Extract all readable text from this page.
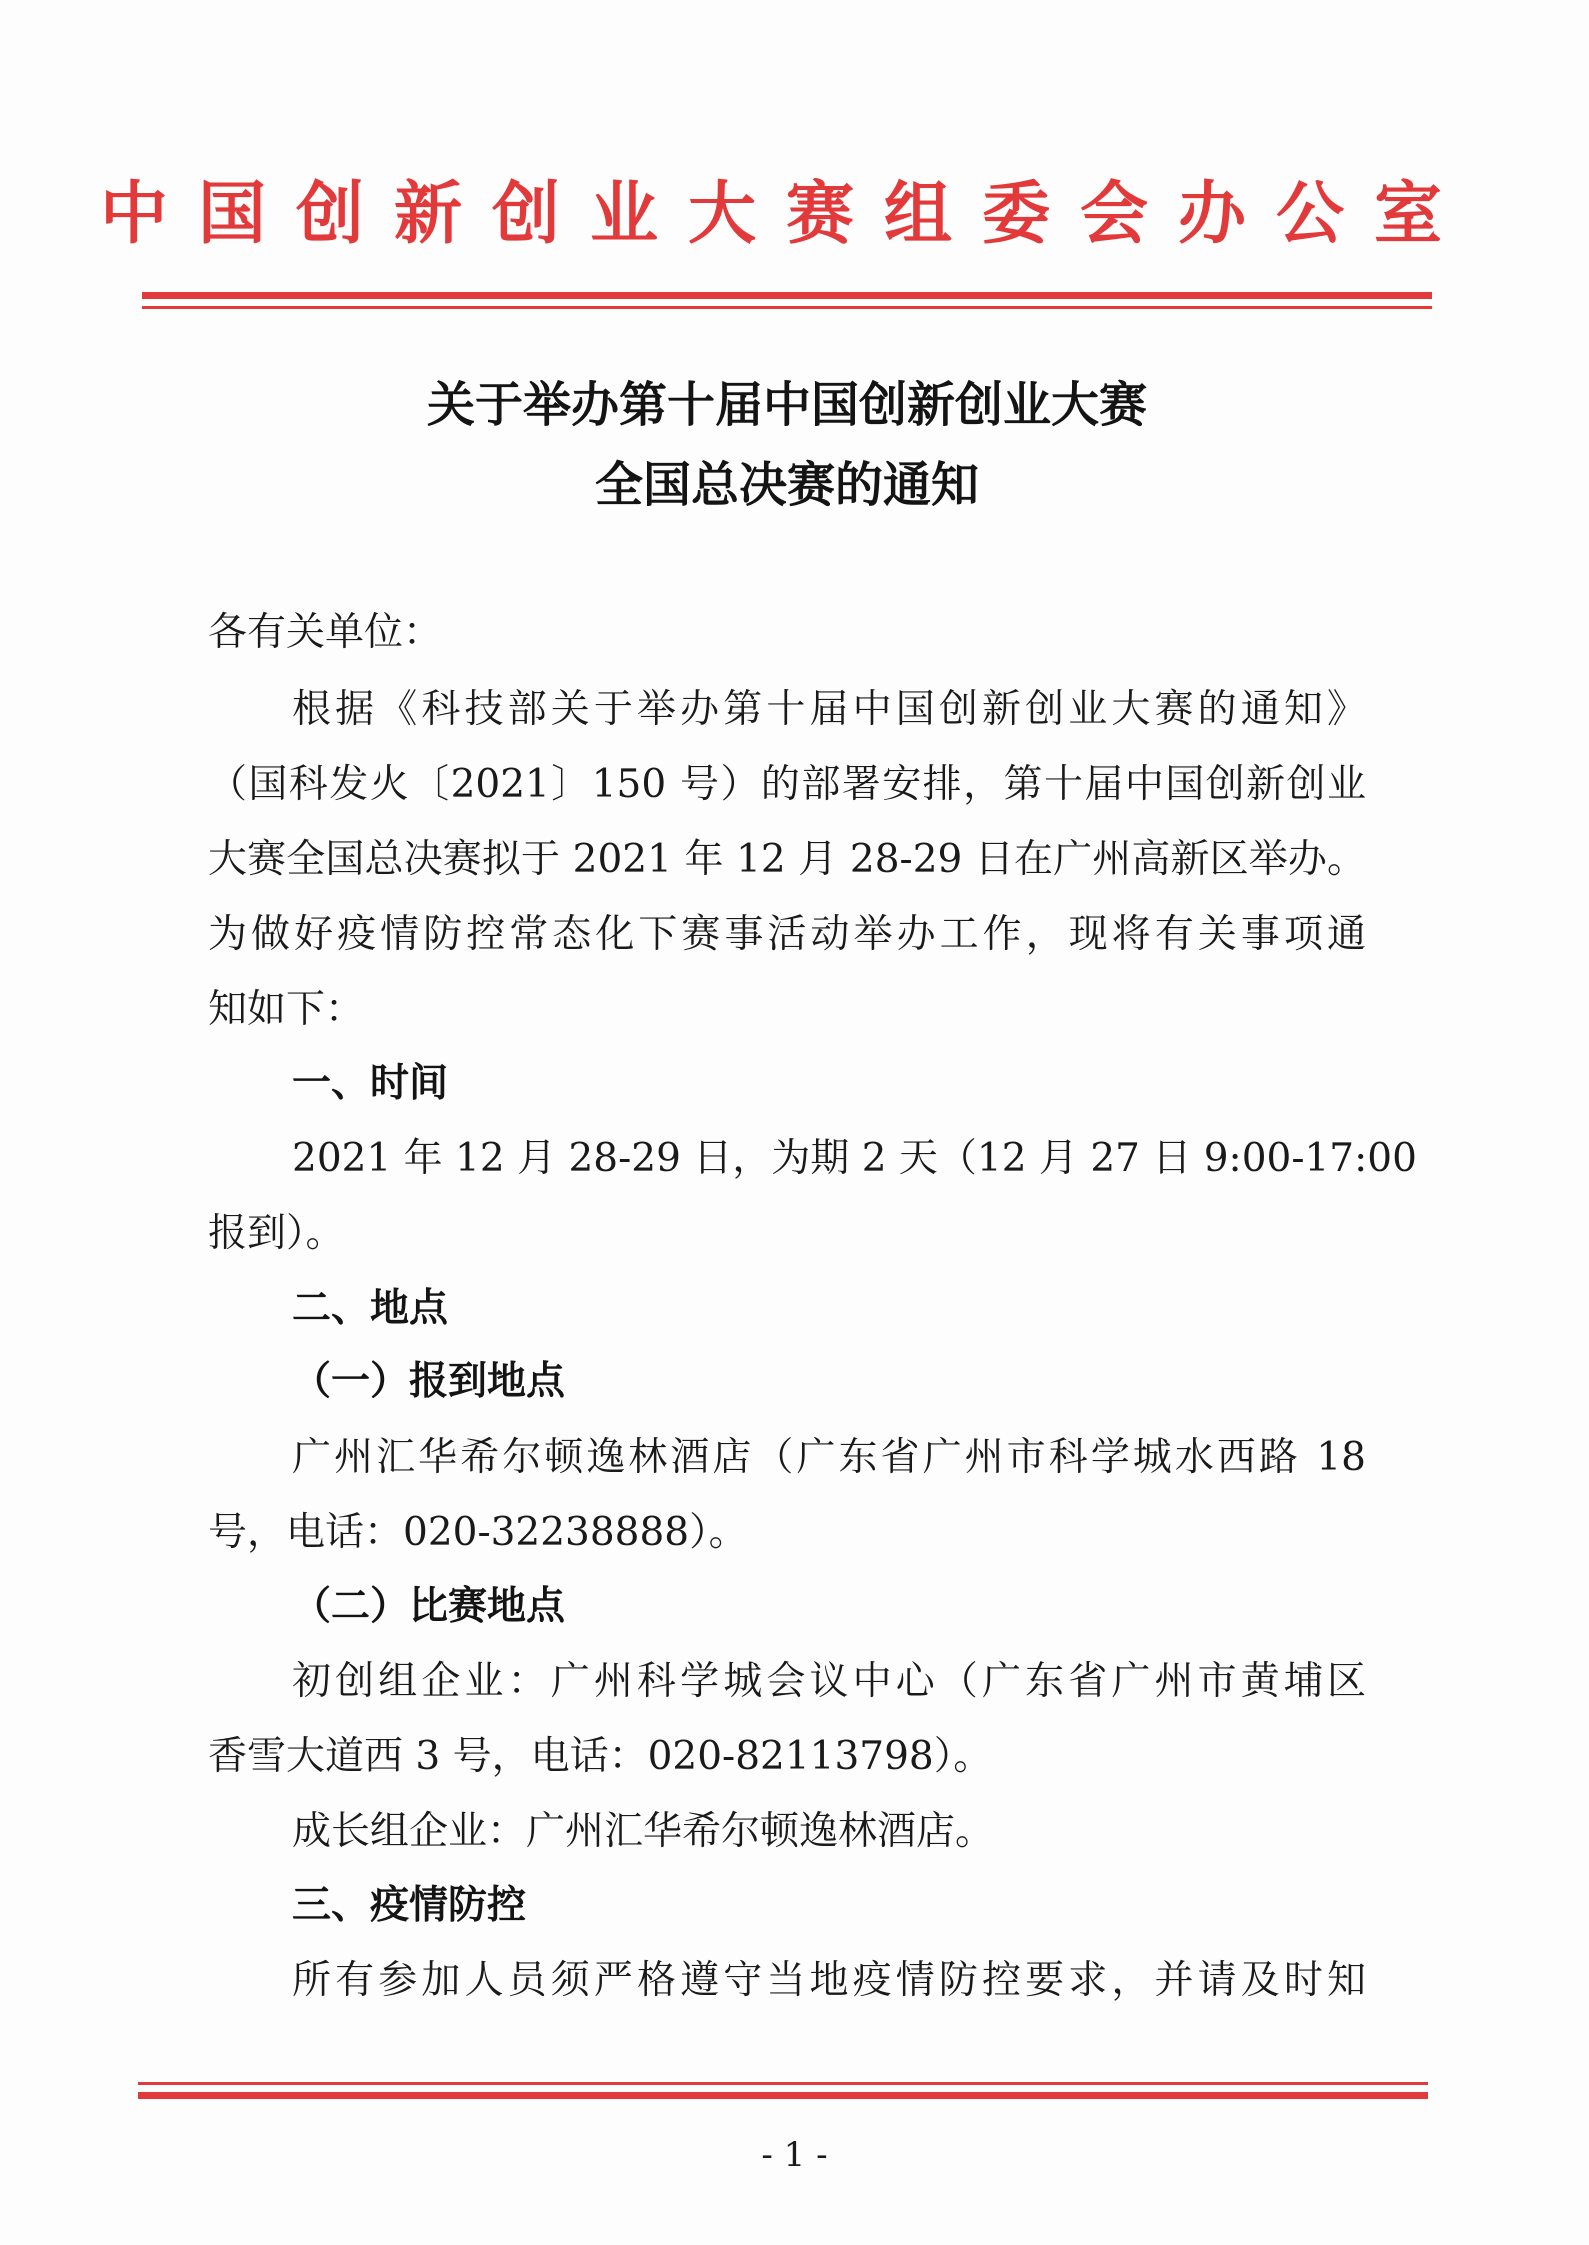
中国创新创业大赛组委会办公室
关于举办第十届中国创新创业大赛
全国总决赛的通知
各有关单位：
根据《科技部关于举办第十届中国创新创业大赛的通知》
（国科发火〔2021〕150 号）的部署安排，第十届中国创新创业
大赛全国总决赛拟于 2021 年 12 月 28-29 日在广州高新区举办。
为做好疫情防控常态化下赛事活动举办工作，现将有关事项通
知如下：
一、时间
2021 年 12 月 28-29 日，为期 2 天（12 月 27 日 9:00-17:00
报到）。
二、地点
（一）报到地点
广州汇华希尔顿逸林酒店（广东省广州市科学城水西路 18
号，电话：020-32238888）。
（二）比赛地点
初创组企业：广州科学城会议中心（广东省广州市黄埔区
香雪大道西 3 号，电话：020-82113798）。
成长组企业：广州汇华希尔顿逸林酒店。
三、疫情防控
所有参加人员须严格遵守当地疫情防控要求，并请及时知
- 1 -
